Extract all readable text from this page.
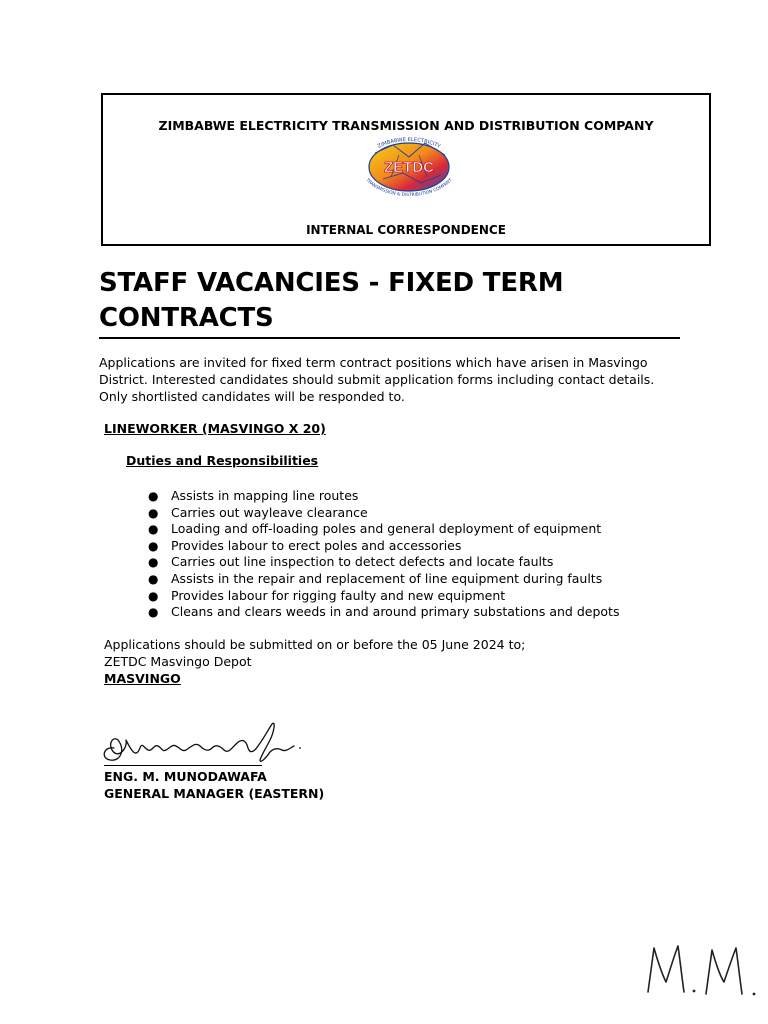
ZIMBABWE ELECTRICITY TRANSMISSION AND DISTRIBUTION COMPANY
ZETDC
ZIMBABWE ELECTRICITY
TRANSMISSION & DISTRIBUTION COMPANY
INTERNAL CORRESPONDENCE
STAFF VACANCIES - FIXED TERM CONTRACTS
Applications are invited for fixed term contract positions which have arisen in Masvingo District. Interested candidates should submit application forms including contact details. Only shortlisted candidates will be responded to.
LINEWORKER (MASVINGO X 20)
Duties and Responsibilities
● Assists in mapping line routes
● Carries out wayleave clearance
● Loading and off-loading poles and general deployment of equipment
● Provides labour to erect poles and accessories
● Carries out line inspection to detect defects and locate faults
● Assists in the repair and replacement of line equipment during faults
● Provides labour for rigging faulty and new equipment
● Cleans and clears weeds in and around primary substations and depots
Applications should be submitted on or before the 05 June 2024 to;
ZETDC Masvingo Depot
MASVINGO
ENG. M. MUNODAWAFA
GENERAL MANAGER (EASTERN)
